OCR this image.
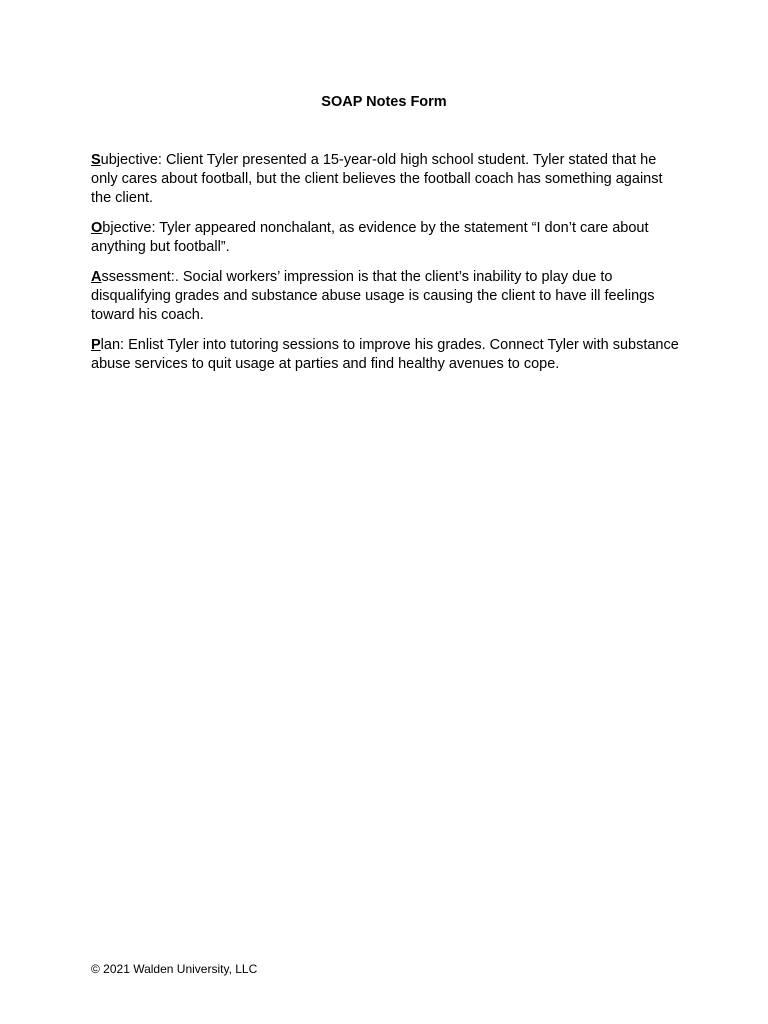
SOAP Notes Form

Subjective: Client Tyler presented a 15-year-old high school student. Tyler stated that he only cares about football, but the client believes the football coach has something against the client.

Objective: Tyler appeared nonchalant, as evidence by the statement “I don’t care about anything but football”.

Assessment:. Social workers’ impression is that the client’s inability to play due to disqualifying grades and substance abuse usage is causing the client to have ill feelings toward his coach.

Plan: Enlist Tyler into tutoring sessions to improve his grades. Connect Tyler with substance abuse services to quit usage at parties and find healthy avenues to cope.

© 2021 Walden University, LLC
